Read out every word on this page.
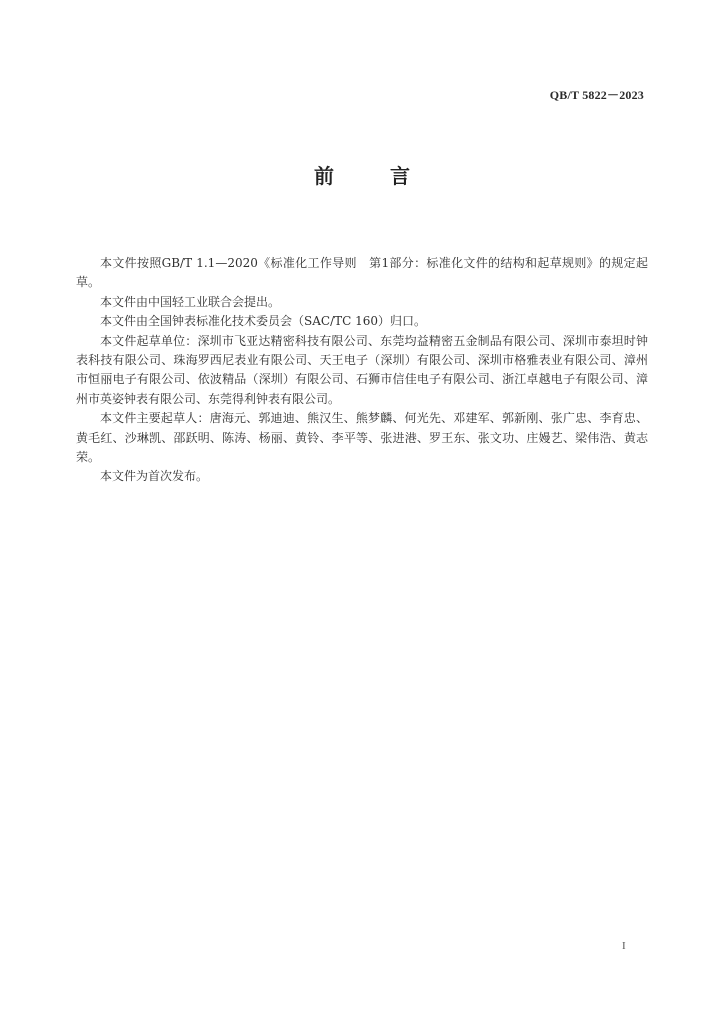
QB/T 5822－2023
前　言

本文件按照GB/T 1.1—2020《标准化工作导则　第1部分：标准化文件的结构和起草规则》的规定起草。

本文件由中国轻工业联合会提出。

本文件由全国钟表标准化技术委员会（SAC/TC 160）归口。

本文件起草单位：深圳市飞亚达精密科技有限公司、东莞均益精密五金制品有限公司、深圳市泰坦时钟表科技有限公司、珠海罗西尼表业有限公司、天王电子（深圳）有限公司、深圳市格雅表业有限公司、漳州市恒丽电子有限公司、依波精品（深圳）有限公司、石狮市信佳电子有限公司、浙江卓越电子有限公司、漳州市英姿钟表有限公司、东莞得利钟表有限公司。

本文件主要起草人：唐海元、郭迪迪、熊汉生、熊梦麟、何光先、邓建军、郭新刚、张广忠、李育忠、黄毛红、沙琳凯、邵跃明、陈涛、杨丽、黄铃、李平等、张进港、罗王东、张文功、庄嫚艺、梁伟浩、黄志荣。

本文件为首次发布。

I
